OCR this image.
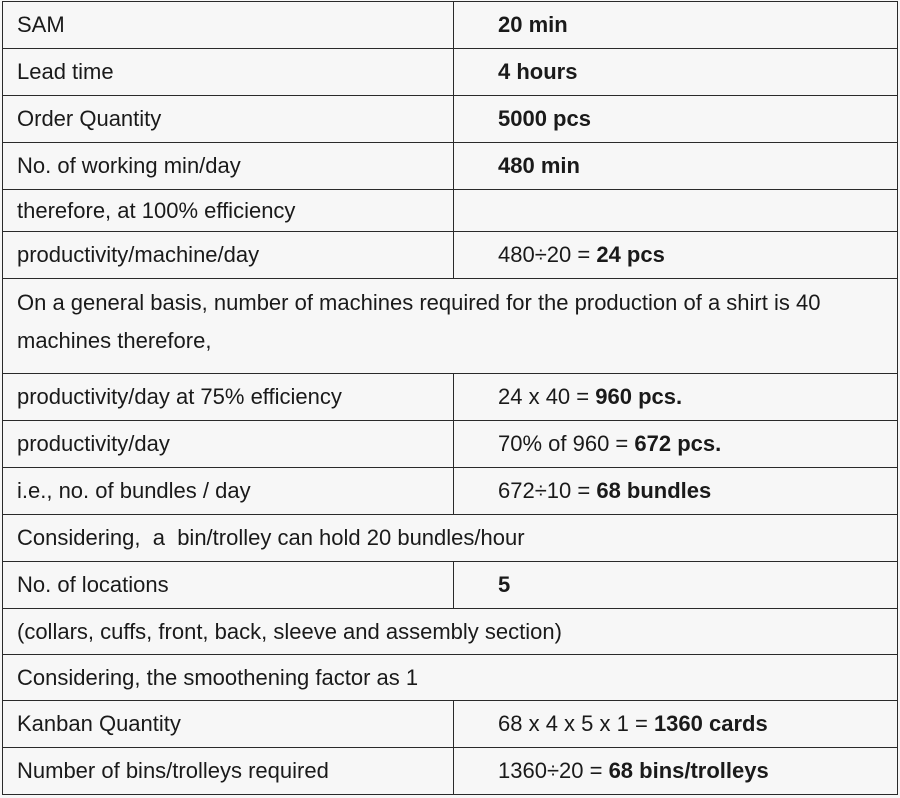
SAM	20 min
Lead time	4 hours
Order Quantity	5000 pcs
No. of working min/day	480 min
therefore, at 100% efficiency	
productivity/machine/day	480÷20 = 24 pcs
On a general basis, number of machines required for the production of a shirt is 40 machines therefore,	
productivity/day at 75% efficiency	24 x 40 = 960 pcs.
productivity/day	70% of 960 = 672 pcs.
i.e., no. of bundles / day	672÷10 = 68 bundles
Considering,  a  bin/trolley can hold 20 bundles/hour	
No. of locations	5
(collars, cuffs, front, back, sleeve and assembly section)	
Considering, the smoothening factor as 1	
Kanban Quantity	68 x 4 x 5 x 1 = 1360 cards
Number of bins/trolleys required	1360÷20 = 68 bins/trolleys
